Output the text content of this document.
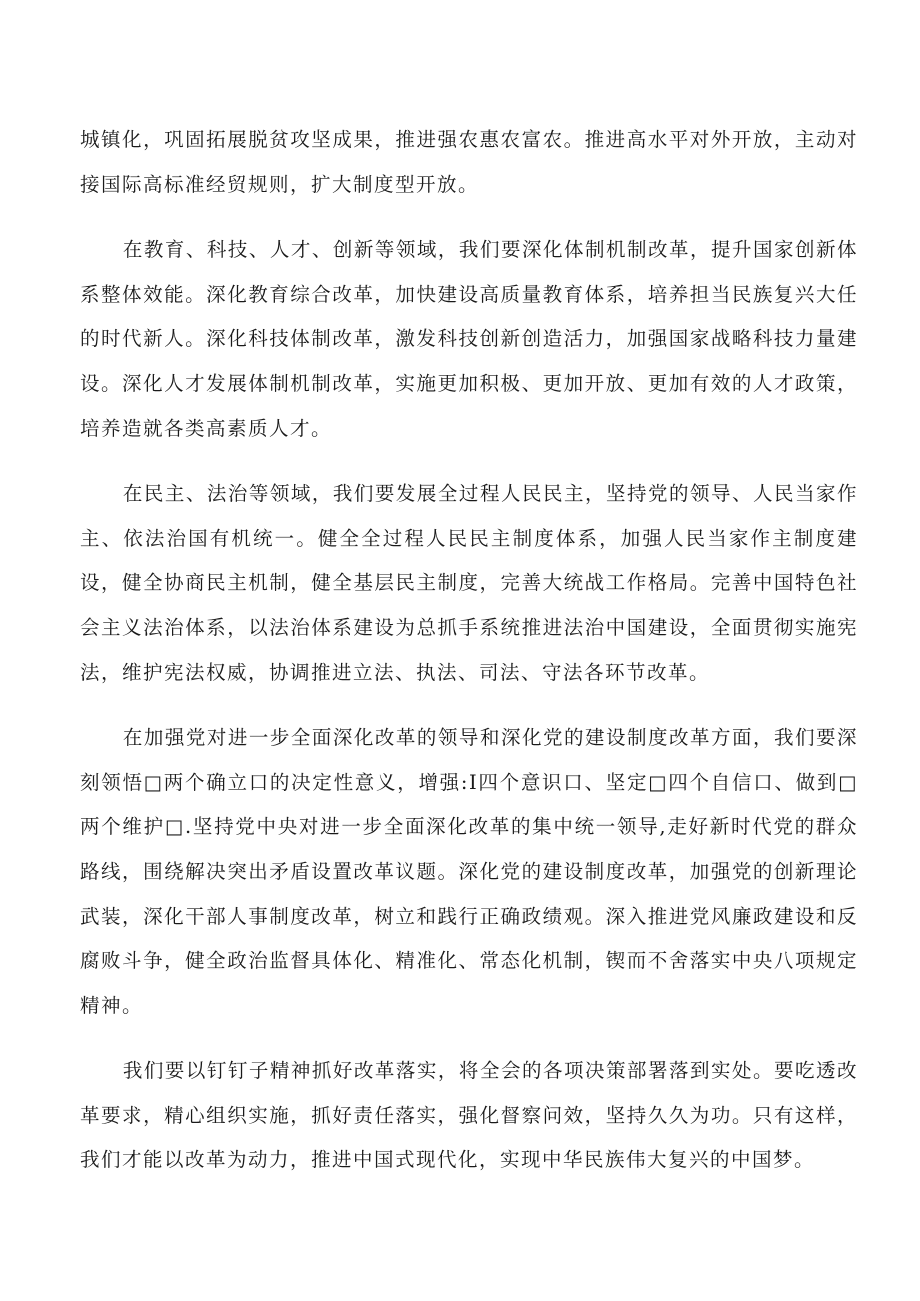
城镇化，巩固拓展脱贫攻坚成果，推进强农惠农富农。推进高水平对外开放，主动对接国际高标准经贸规则，扩大制度型开放。

在教育、科技、人才、创新等领域，我们要深化体制机制改革，提升国家创新体系整体效能。深化教育综合改革，加快建设高质量教育体系，培养担当民族复兴大任的时代新人。深化科技体制改革，激发科技创新创造活力，加强国家战略科技力量建设。深化人才发展体制机制改革，实施更加积极、更加开放、更加有效的人才政策，培养造就各类高素质人才。

在民主、法治等领域，我们要发展全过程人民民主，坚持党的领导、人民当家作主、依法治国有机统一。健全全过程人民民主制度体系，加强人民当家作主制度建设，健全协商民主机制，健全基层民主制度，完善大统战工作格局。完善中国特色社会主义法治体系，以法治体系建设为总抓手系统推进法治中国建设，全面贯彻实施宪法，维护宪法权威，协调推进立法、执法、司法、守法各环节改革。

在加强党对进一步全面深化改革的领导和深化党的建设制度改革方面，我们要深刻领悟□两个确立口的决定性意义，增强:I四个意识口、坚定□四个自信口、做到□两个维护□.坚持党中央对进一步全面深化改革的集中统一领导,走好新时代党的群众路线，围绕解决突出矛盾设置改革议题。深化党的建设制度改革，加强党的创新理论武装，深化干部人事制度改革，树立和践行正确政绩观。深入推进党风廉政建设和反腐败斗争，健全政治监督具体化、精准化、常态化机制，锲而不舍落实中央八项规定精神。

我们要以钉钉子精神抓好改革落实，将全会的各项决策部署落到实处。要吃透改革要求，精心组织实施，抓好责任落实，强化督察问效，坚持久久为功。只有这样，我们才能以改革为动力，推进中国式现代化，实现中华民族伟大复兴的中国梦。
